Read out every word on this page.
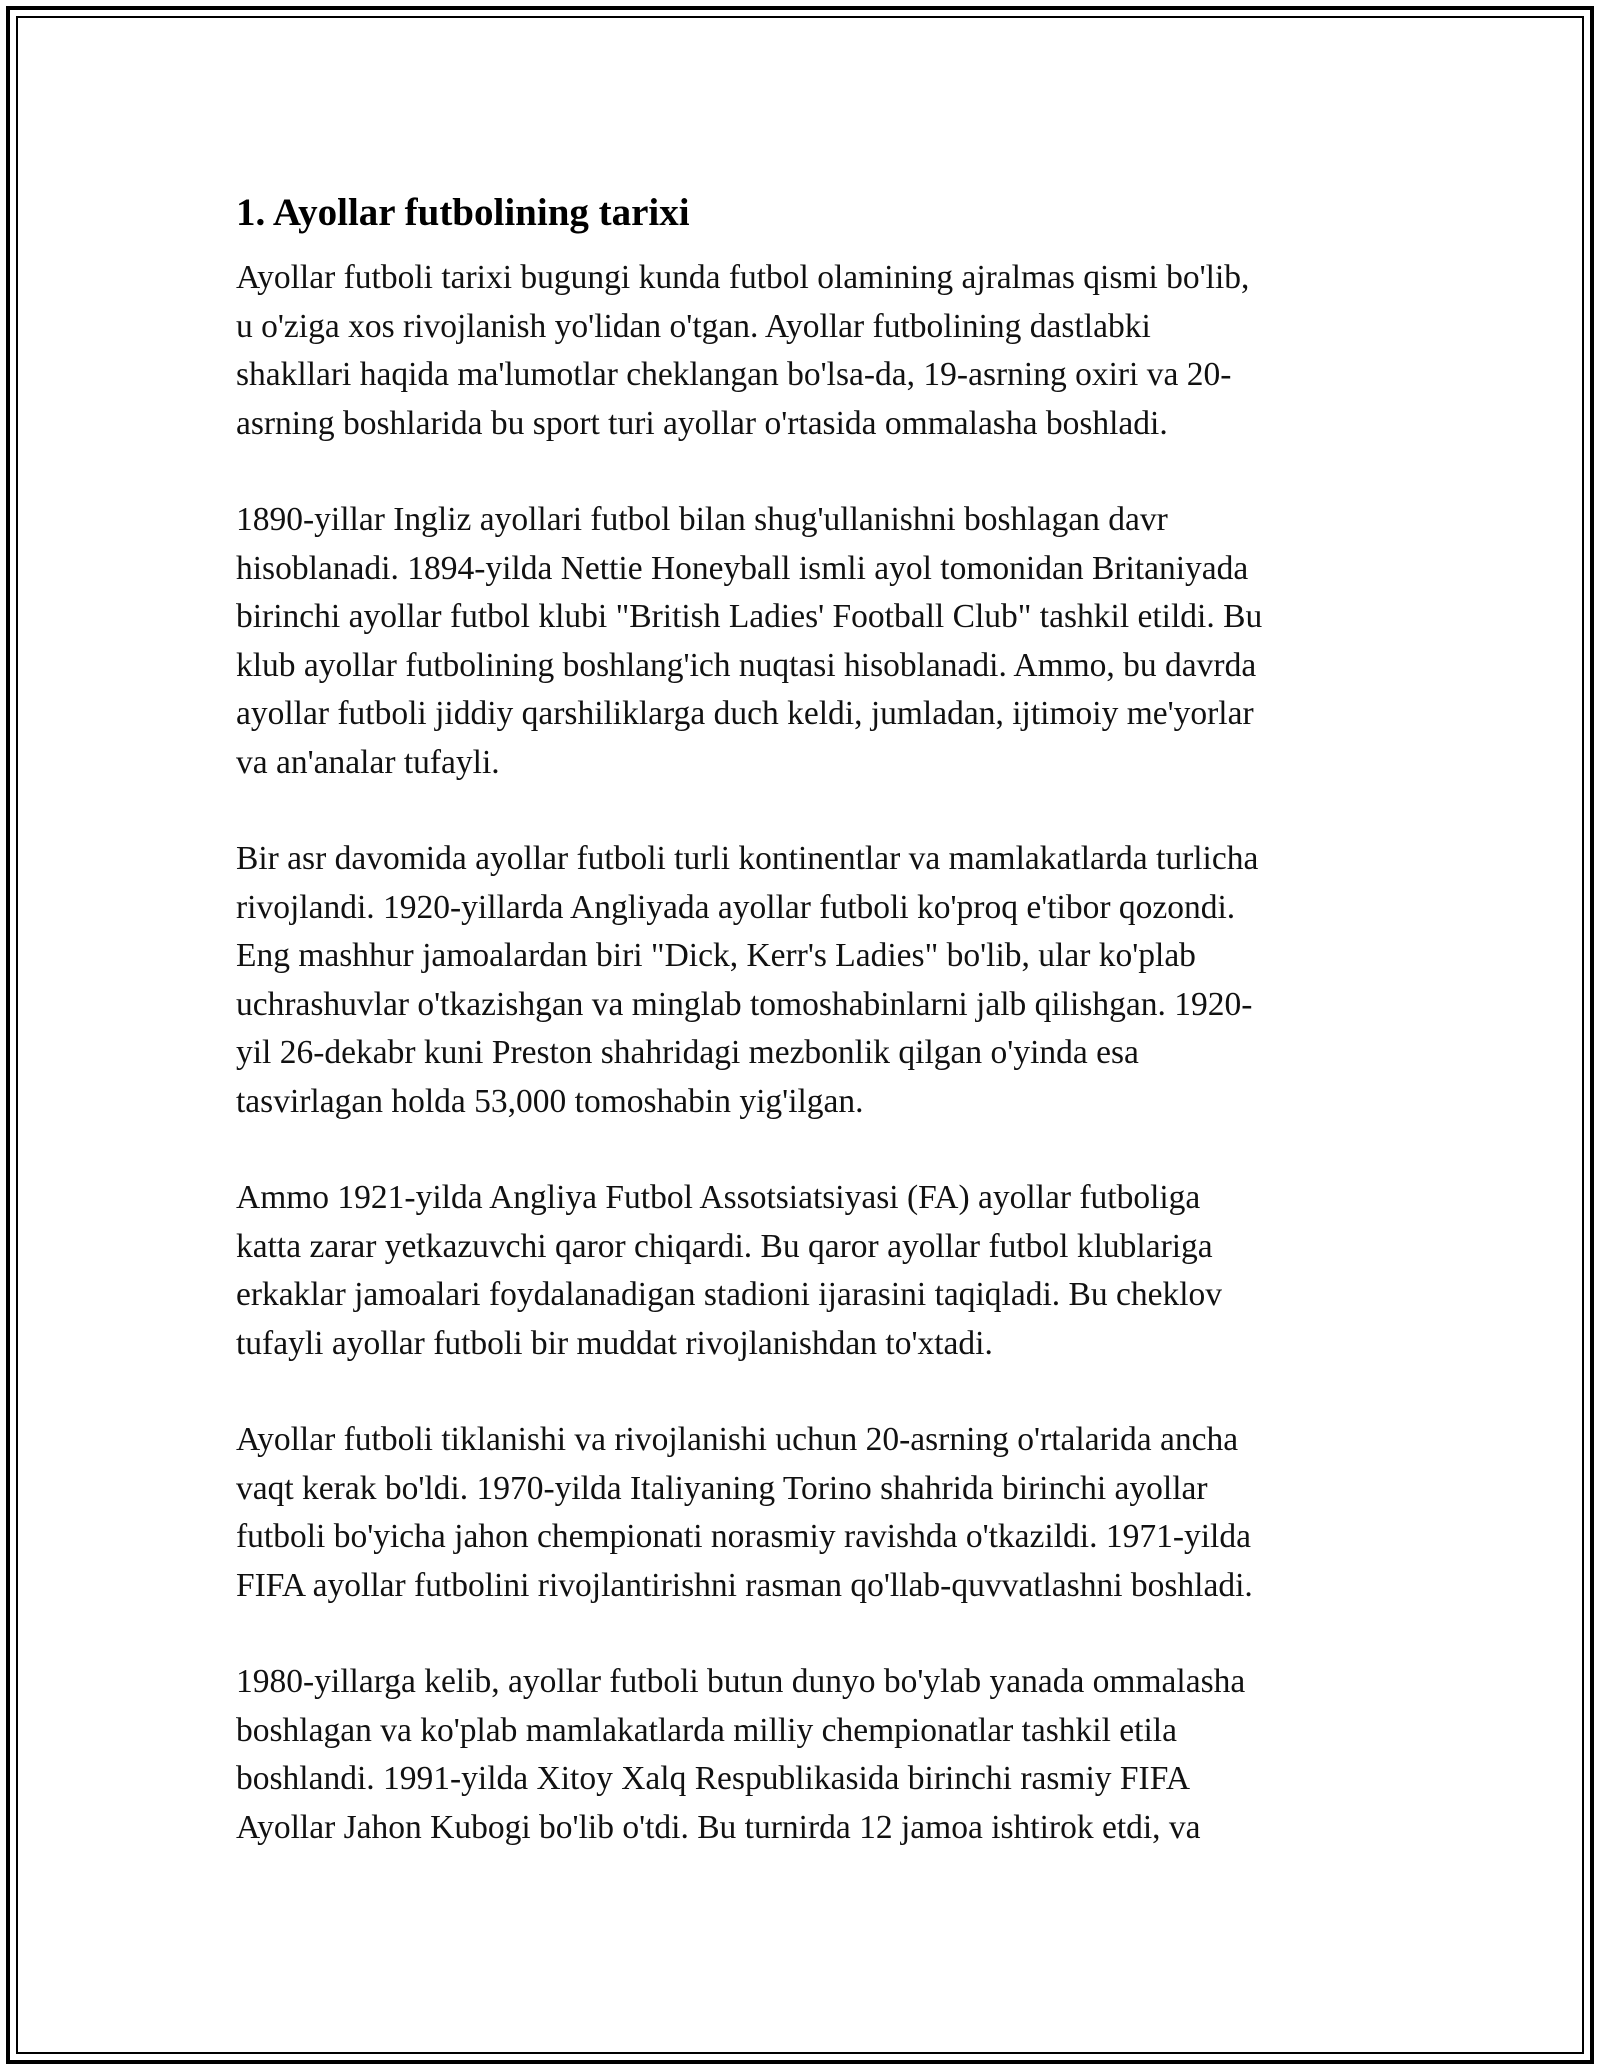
1. Ayollar futbolining tarixi

Ayollar futboli tarixi bugungi kunda futbol olamining ajralmas qismi bo'lib,
u o'ziga xos rivojlanish yo'lidan o'tgan. Ayollar futbolining dastlabki
shakllari haqida ma'lumotlar cheklangan bo'lsa-da, 19-asrning oxiri va 20-
asrning boshlarida bu sport turi ayollar o'rtasida ommalasha boshladi.

1890-yillar Ingliz ayollari futbol bilan shug'ullanishni boshlagan davr
hisoblanadi. 1894-yilda Nettie Honeyball ismli ayol tomonidan Britaniyada
birinchi ayollar futbol klubi "British Ladies' Football Club" tashkil etildi. Bu
klub ayollar futbolining boshlang'ich nuqtasi hisoblanadi. Ammo, bu davrda
ayollar futboli jiddiy qarshiliklarga duch keldi, jumladan, ijtimoiy me'yorlar
va an'analar tufayli.

Bir asr davomida ayollar futboli turli kontinentlar va mamlakatlarda turlicha
rivojlandi. 1920-yillarda Angliyada ayollar futboli ko'proq e'tibor qozondi.
Eng mashhur jamoalardan biri "Dick, Kerr's Ladies" bo'lib, ular ko'plab
uchrashuvlar o'tkazishgan va minglab tomoshabinlarni jalb qilishgan. 1920-
yil 26-dekabr kuni Preston shahridagi mezbonlik qilgan o'yinda esa
tasvirlagan holda 53,000 tomoshabin yig'ilgan.

Ammo 1921-yilda Angliya Futbol Assotsiatsiyasi (FA) ayollar futboliga
katta zarar yetkazuvchi qaror chiqardi. Bu qaror ayollar futbol klublariga
erkaklar jamoalari foydalanadigan stadioni ijarasini taqiqladi. Bu cheklov
tufayli ayollar futboli bir muddat rivojlanishdan to'xtadi.

Ayollar futboli tiklanishi va rivojlanishi uchun 20-asrning o'rtalarida ancha
vaqt kerak bo'ldi. 1970-yilda Italiyaning Torino shahrida birinchi ayollar
futboli bo'yicha jahon chempionati norasmiy ravishda o'tkazildi. 1971-yilda
FIFA ayollar futbolini rivojlantirishni rasman qo'llab-quvvatlashni boshladi.

1980-yillarga kelib, ayollar futboli butun dunyo bo'ylab yanada ommalasha
boshlagan va ko'plab mamlakatlarda milliy chempionatlar tashkil etila
boshlandi. 1991-yilda Xitoy Xalq Respublikasida birinchi rasmiy FIFA
Ayollar Jahon Kubogi bo'lib o'tdi. Bu turnirda 12 jamoa ishtirok etdi, va
